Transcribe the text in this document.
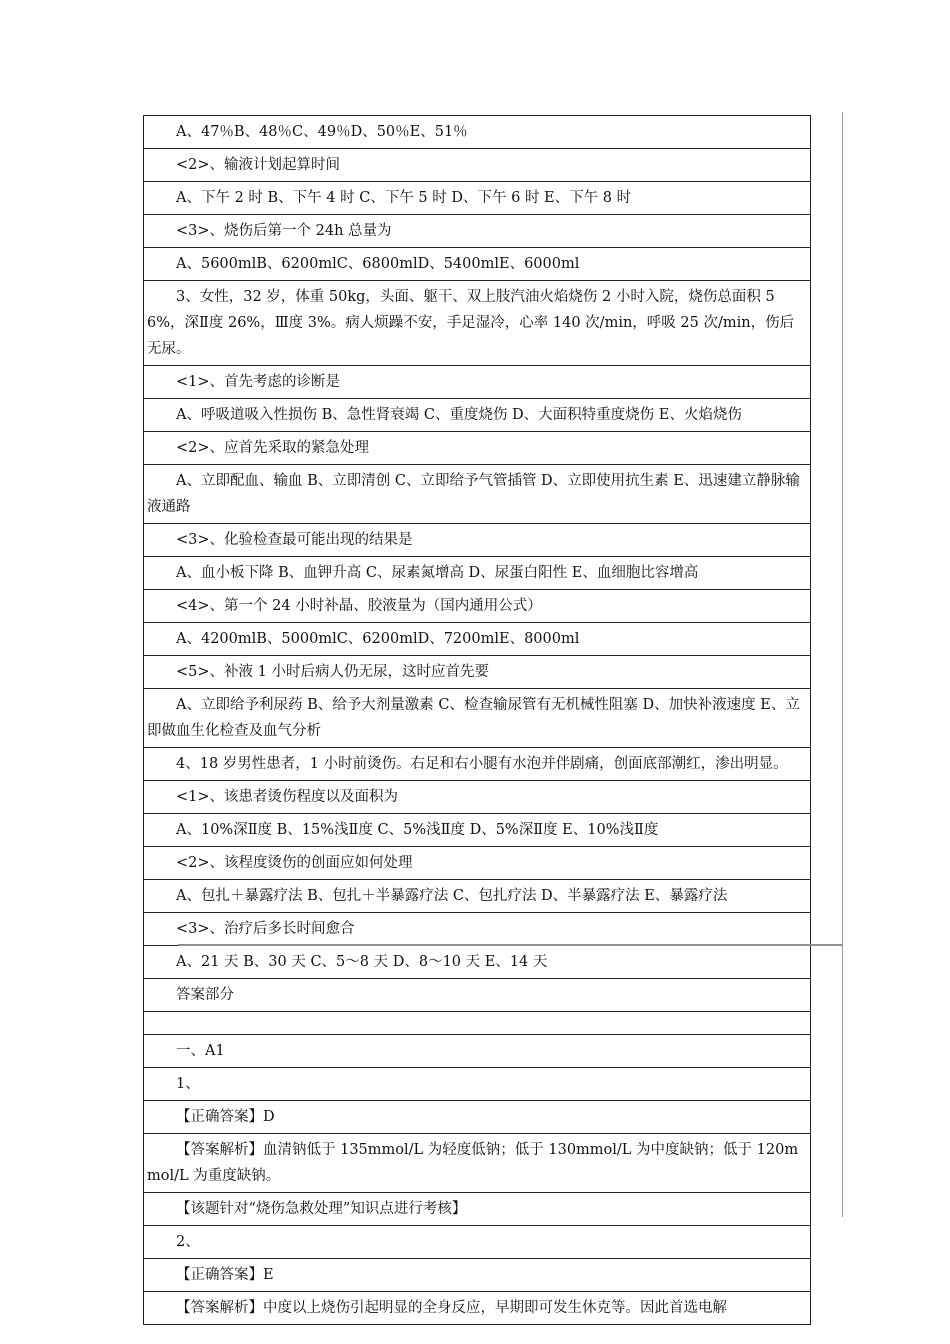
A、47％B、48％C、49％D、50％E、51％
<2>、输液计划起算时间
A、下午 2 时 B、下午 4 时 C、下午 5 时 D、下午 6 时 E、下午 8 时
<3>、烧伤后第一个 24h 总量为
A、5600mlB、6200mlC、6800mlD、5400mlE、6000ml
3、女性，32 岁，体重 50kg，头面、躯干、双上肢汽油火焰烧伤 2 小时入院，烧伤总面积 56%，深Ⅱ度 26%，Ⅲ度 3%。病人烦躁不安，手足湿冷，心率 140 次/min，呼吸 25 次/min，伤后无尿。
<1>、首先考虑的诊断是
A、呼吸道吸入性损伤 B、急性肾衰竭 C、重度烧伤 D、大面积特重度烧伤 E、火焰烧伤
<2>、应首先采取的紧急处理
A、立即配血、输血 B、立即清创 C、立即给予气管插管 D、立即使用抗生素 E、迅速建立静脉输液通路
<3>、化验检查最可能出现的结果是
A、血小板下降 B、血钾升高 C、尿素氮增高 D、尿蛋白阳性 E、血细胞比容增高
<4>、第一个 24 小时补晶、胶液量为（国内通用公式）
A、4200mlB、5000mlC、6200mlD、7200mlE、8000ml
<5>、补液 1 小时后病人仍无尿，这时应首先要
A、立即给予利尿药 B、给予大剂量激素 C、检查输尿管有无机械性阻塞 D、加快补液速度 E、立即做血生化检查及血气分析
4、18 岁男性患者，1 小时前烫伤。右足和右小腿有水泡并伴剧痛，创面底部潮红，渗出明显。
<1>、该患者烫伤程度以及面积为
A、10%深Ⅱ度 B、15%浅Ⅱ度 C、5%浅Ⅱ度 D、5%深Ⅱ度 E、10%浅Ⅱ度
<2>、该程度烫伤的创面应如何处理
A、包扎＋暴露疗法 B、包扎＋半暴露疗法 C、包扎疗法 D、半暴露疗法 E、暴露疗法
<3>、治疗后多长时间愈合
A、21 天 B、30 天 C、5～8 天 D、8～10 天 E、14 天
答案部分

一、A1
1、
【正确答案】D
【答案解析】血清钠低于 135mmol/L 为轻度低钠；低于 130mmol/L 为中度缺钠；低于 120mmol/L 为重度缺钠。
【该题针对“烧伤急救处理”知识点进行考核】
2、
【正确答案】E
【答案解析】中度以上烧伤引起明显的全身反应，早期即可发生休克等。因此首选电解
